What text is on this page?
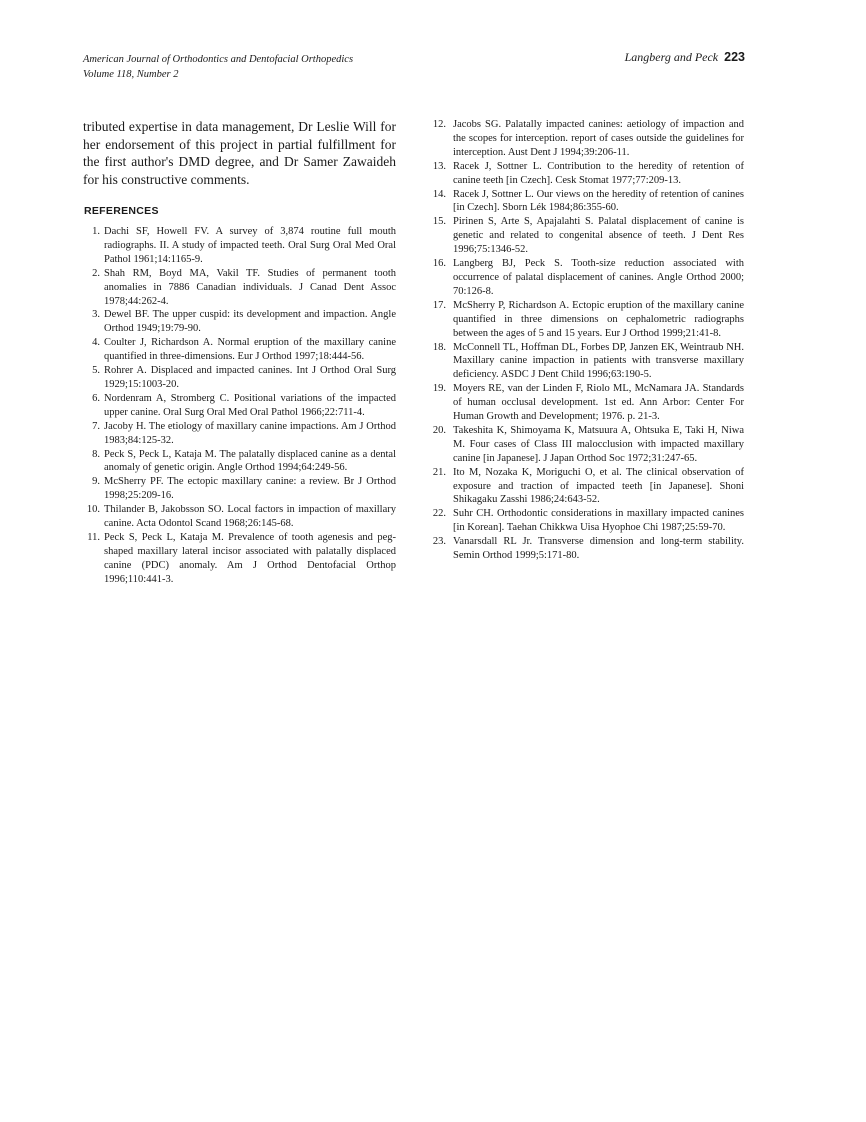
American Journal of Orthodontics and Dentofacial Orthopedics
Volume 118, Number 2
Langberg and Peck 223

tributed expertise in data management, Dr Leslie Will for her endorsement of this project in partial fulfillment for the first author's DMD degree, and Dr Samer Zawaideh for his constructive comments.

REFERENCES
1. Dachi SF, Howell FV. A survey of 3,874 routine full mouth radiographs. II. A study of impacted teeth. Oral Surg Oral Med Oral Pathol 1961;14:1165-9.
2. Shah RM, Boyd MA, Vakil TF. Studies of permanent tooth anomalies in 7886 Canadian individuals. J Canad Dent Assoc 1978;44:262-4.
3. Dewel BF. The upper cuspid: its development and impaction. Angle Orthod 1949;19:79-90.
4. Coulter J, Richardson A. Normal eruption of the maxillary canine quantified in three-dimensions. Eur J Orthod 1997;18:444-56.
5. Rohrer A. Displaced and impacted canines. Int J Orthod Oral Surg 1929;15:1003-20.
6. Nordenram A, Stromberg C. Positional variations of the impacted upper canine. Oral Surg Oral Med Oral Pathol 1966;22:711-4.
7. Jacoby H. The etiology of maxillary canine impactions. Am J Orthod 1983;84:125-32.
8. Peck S, Peck L, Kataja M. The palatally displaced canine as a dental anomaly of genetic origin. Angle Orthod 1994;64:249-56.
9. McSherry PF. The ectopic maxillary canine: a review. Br J Orthod 1998;25:209-16.
10. Thilander B, Jakobsson SO. Local factors in impaction of maxillary canine. Acta Odontol Scand 1968;26:145-68.
11. Peck S, Peck L, Kataja M. Prevalence of tooth agenesis and peg-shaped maxillary lateral incisor associated with palatally displaced canine (PDC) anomaly. Am J Orthod Dentofacial Orthop 1996;110:441-3.
12. Jacobs SG. Palatally impacted canines: aetiology of impaction and the scopes for interception. report of cases outside the guidelines for interception. Aust Dent J 1994;39:206-11.
13. Racek J, Sottner L. Contribution to the heredity of retention of canine teeth [in Czech]. Cesk Stomat 1977;77:209-13.
14. Racek J, Sottner L. Our views on the heredity of retention of canines [in Czech]. Sborn Lék 1984;86:355-60.
15. Pirinen S, Arte S, Apajalahti S. Palatal displacement of canine is genetic and related to congenital absence of teeth. J Dent Res 1996;75:1346-52.
16. Langberg BJ, Peck S. Tooth-size reduction associated with occurrence of palatal displacement of canines. Angle Orthod 2000; 70:126-8.
17. McSherry P, Richardson A. Ectopic eruption of the maxillary canine quantified in three dimensions on cephalometric radiographs between the ages of 5 and 15 years. Eur J Orthod 1999;21:41-8.
18. McConnell TL, Hoffman DL, Forbes DP, Janzen EK, Weintraub NH. Maxillary canine impaction in patients with transverse maxillary deficiency. ASDC J Dent Child 1996;63:190-5.
19. Moyers RE, van der Linden F, Riolo ML, McNamara JA. Standards of human occlusal development. 1st ed. Ann Arbor: Center For Human Growth and Development; 1976. p. 21-3.
20. Takeshita K, Shimoyama K, Matsuura A, Ohtsuka E, Taki H, Niwa M. Four cases of Class III malocclusion with impacted maxillary canine [in Japanese]. J Japan Orthod Soc 1972;31:247-65.
21. Ito M, Nozaka K, Moriguchi O, et al. The clinical observation of exposure and traction of impacted teeth [in Japanese]. Shoni Shikagaku Zasshi 1986;24:643-52.
22. Suhr CH. Orthodontic considerations in maxillary impacted canines [in Korean]. Taehan Chikkwa Uisa Hyophoe Chi 1987;25:59-70.
23. Vanarsdall RL Jr. Transverse dimension and long-term stability. Semin Orthod 1999;5:171-80.
